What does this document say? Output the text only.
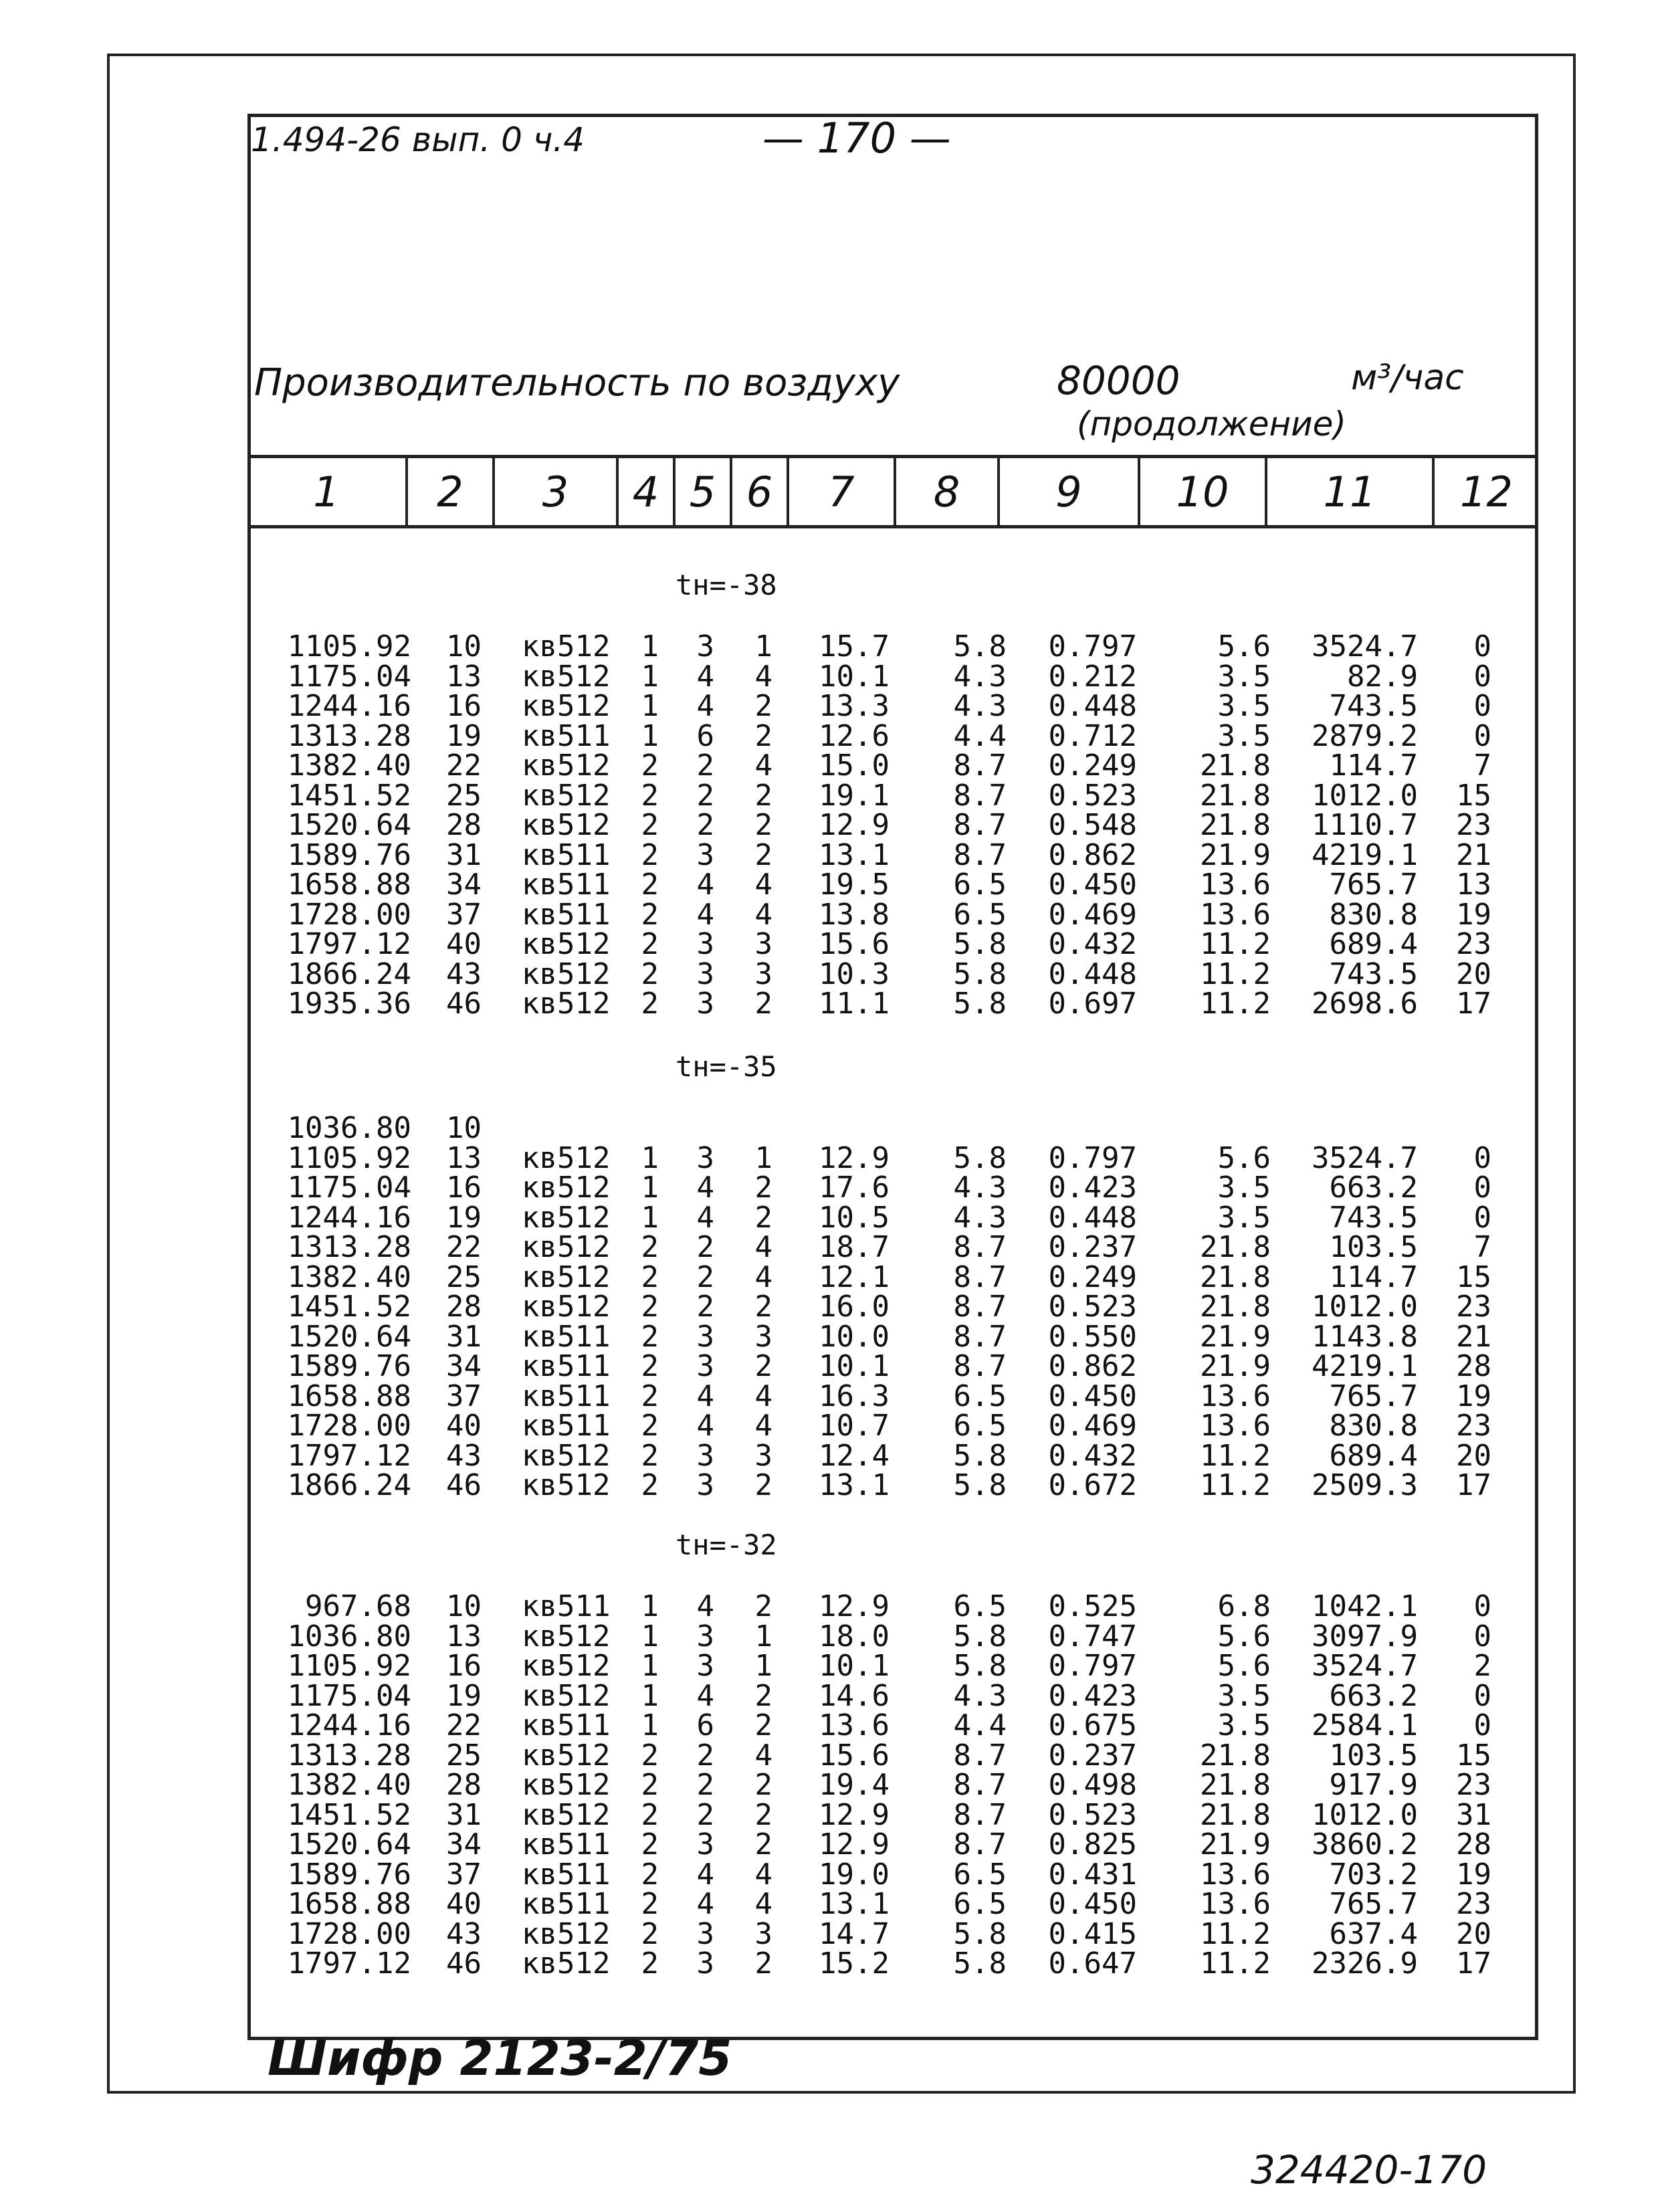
1.494-26 вып. 0 ч.4	— 170 —
Производительность по воздуху	80000	м³/час
(продолжение)
1	2	3	4 5 6	7	8	9	10	11	12
tн=-38
1105.92 10 кв512 1 3 1 15.7 5.8 0.797	5.6 3524.7 0
1175.04 13 кв512 1 4 4 10.1 4.3 0.212	3.5	82.9 0
1244.16 16 кв512 1 4 2 13.3 4.3 0.448	3.5 743.5 0
1313.28 19 кв511 1 6 2 12.6 4.4 0.712	3.5 2879.2 0
1382.40 22 кв512 2 2 4 15.0 8.7 0.249 21.8 114.7 7
1451.52 25 кв512 2 2 2 19.1 8.7 0.523 21.8 1012.0 15
1520.64 28 кв512 2 2 2 12.9 8.7 0.548 21.8 1110.7 23
1589.76 31 кв511 2 3 2 13.1 8.7 0.862 21.9 4219.1 21
1658.88 34 кв511 2 4 4 19.5 6.5 0.450 13.6 765.7 13
1728.00 37 кв511 2 4 4 13.8 6.5 0.469 13.6 830.8 19
1797.12 40 кв512 2 3 3 15.6 5.8 0.432 11.2 689.4 23
1866.24 43 кв512 2 3 3 10.3 5.8 0.448 11.2 743.5 20
1935.36 46 кв512 2 3 2 11.1 5.8 0.697 11.2 2698.6 17
tн=-35
1036.80 10
1105.92 13 кв512 1 3 1 12.9 5.8 0.797	5.6 3524.7 0
1175.04 16 кв512 1 4 2 17.6 4.3 0.423	3.5 663.2 0
1244.16 19 кв512 1 4 2 10.5 4.3 0.448	3.5 743.5 0
1313.28 22 кв512 2 2 4 18.7 8.7 0.237 21.8 103.5 7
1382.40 25 кв512 2 2 4 12.1 8.7 0.249 21.8 114.7 15
1451.52 28 кв512 2 2 2 16.0 8.7 0.523 21.8 1012.0 23
1520.64 31 кв511 2 3 3 10.0 8.7 0.550 21.9 1143.8 21
1589.76 34 кв511 2 3 2 10.1 8.7 0.862 21.9 4219.1 28
1658.88 37 кв511 2 4 4 16.3 6.5 0.450 13.6 765.7 19
1728.00 40 кв511 2 4 4 10.7 6.5 0.469 13.6 830.8 23
1797.12 43 кв512 2 3 3 12.4 5.8 0.432 11.2 689.4 20
1866.24 46 кв512 2 3 2 13.1 5.8 0.672 11.2 2509.3 17
tн=-32
967.68 10 кв511 1 4 2 12.9 6.5 0.525	6.8 1042.1 0
1036.80 13 кв512 1 3 1 18.0 5.8 0.747	5.6 3097.9 0
1105.92 16 кв512 1 3 1 10.1 5.8 0.797	5.6 3524.7 2
1175.04 19 кв512 1 4 2 14.6 4.3 0.423	3.5 663.2 0
1244.16 22 кв511 1 6 2 13.6 4.4 0.675	3.5 2584.1 0
1313.28 25 кв512 2 2 4 15.6 8.7 0.237 21.8 103.5 15
1382.40 28 кв512 2 2 2 19.4 8.7 0.498 21.8 917.9 23
1451.52 31 кв512 2 2 2 12.9 8.7 0.523 21.8 1012.0 31
1520.64 34 кв511 2 3 2 12.9 8.7 0.825 21.9 3860.2 28
1589.76 37 кв511 2 4 4 19.0 6.5 0.431 13.6 703.2 19
1658.88 40 кв511 2 4 4 13.1 6.5 0.450 13.6 765.7 23
1728.00 43 кв512 2 3 3 14.7 5.8 0.415 11.2 637.4 20
1797.12 46 кв512 2 3 2 15.2 5.8 0.647 11.2 2326.9 17
Шифр 2123-2/75
324420-170
